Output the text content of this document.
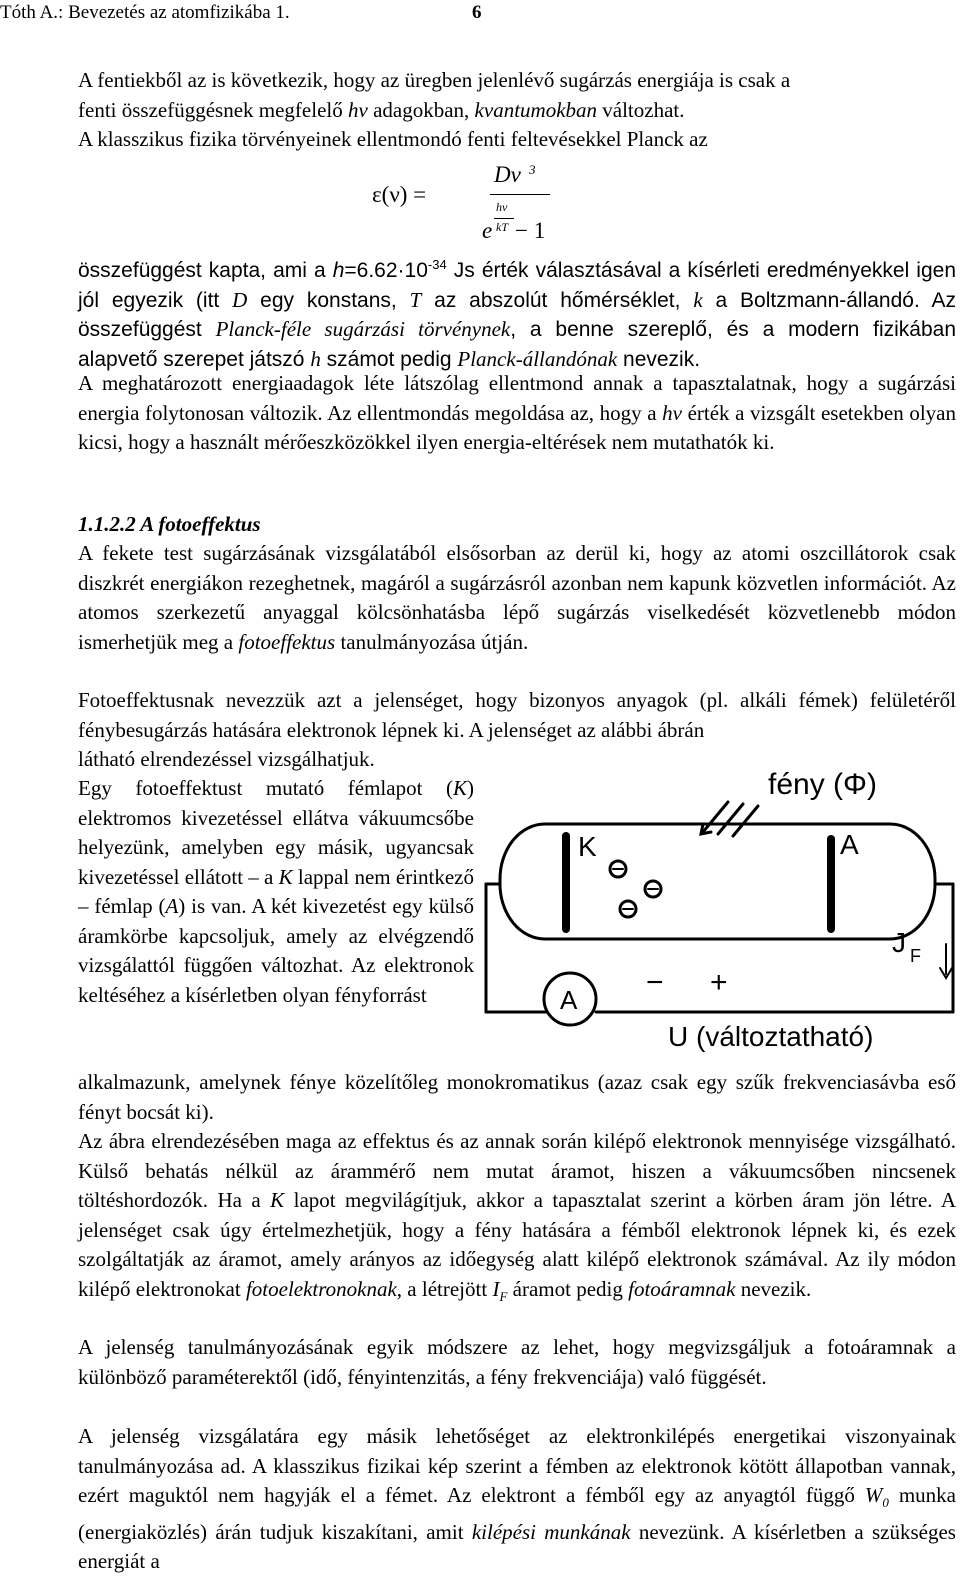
Tóth A.: Bevezetés az atomfizikába 1.	6

A fentiekből az is következik, hogy az üregben jelenlévő sugárzás energiája is csak a
fenti összefüggésnek megfelelő hν adagokban, kvantumokban változhat.
A klasszikus fizika törvényeinek ellentmondó fenti feltevésekkel Planck az

ε(ν) =
Dν 3
hν
e kT − 1

összefüggést kapta, ami a $h=6.62\cdot 10^{-34}$ Js érték választásával a kísérleti eredményekkel igen jól egyezik (itt D egy konstans, T az abszolút hőmérséklet, k a Boltzmann-állandó. Az összefüggést Planck-féle sugárzási törvénynek, a benne szereplő, és a modern fizikában alapvető szerepet játszó h számot pedig Planck-állandónak nevezik.

A meghatározott energiaadagok léte látszólag ellentmond annak a tapasztalatnak, hogy a sugárzási energia folytonosan változik. Az ellentmondás megoldása az, hogy a hν érték a vizsgált esetekben olyan kicsi, hogy a használt mérőeszközökkel ilyen energia-eltérések nem mutathatók ki.

1.1.2.2 A fotoeffektus

A fekete test sugárzásának vizsgálatából elsősorban az derül ki, hogy az atomi oszcillátorok csak diszkrét energiákon rezeghetnek, magáról a sugárzásról azonban nem kapunk közvetlen információt. Az atomos szerkezetű anyaggal kölcsönhatásba lépő sugárzás viselkedését közvetlenebb módon ismerhetjük meg a fotoeffektus tanulmányozása útján.

Fotoeffektusnak nevezzük azt a jelenséget, hogy bizonyos anyagok (pl. alkáli fémek) felületéről fénybesugárzás hatására elektronok lépnek ki. A jelenséget az alábbi ábrán

látható elrendezéssel vizsgálhatjuk.

Egy fotoeffektust mutató fémlapot (K) elektromos kivezetéssel ellátva vákuumcsőbe helyezünk, amelyben egy másik, ugyancsak kivezetéssel ellátott – a K lappal nem érintkező – fémlap (A) is van. A két kivezetést egy külső áramkörbe kapcsoljuk, amely az elvégzendő vizsgálattól függően változhat. Az elektronok keltéséhez a kísérletben olyan fényforrást

alkalmazunk, amelynek fénye közelítőleg monokromatikus (azaz csak egy szűk frekvenciasávba eső fényt bocsát ki).

Az ábra elrendezésében maga az effektus és az annak során kilépő elektronok mennyisége vizsgálható. Külső behatás nélkül az árammérő nem mutat áramot, hiszen a vákuumcsőben nincsenek töltéshordozók. Ha a K lapot megvilágítjuk, akkor a tapasztalat szerint a körben áram jön létre. A jelenséget csak úgy értelmezhetjük, hogy a fény hatására a fémből elektronok lépnek ki, és ezek szolgáltatják az áramot, amely arányos az időegység alatt kilépő elektronok számával. Az ily módon kilépő elektronokat fotoelektronoknak, a létrejött $I_F$ áramot pedig fotoáramnak nevezik.

A jelenség tanulmányozásának egyik módszere az lehet, hogy megvizsgáljuk a fotoáramnak a különböző paraméterektől (idő, fényintenzitás, a fény frekvenciája) való függését.

A jelenség vizsgálatára egy másik lehetőséget az elektronkilépés energetikai viszonyainak tanulmányozása ad. A klasszikus fizikai kép szerint a fémben az elektronok kötött állapotban vannak, ezért maguktól nem hagyják el a fémet. Az elektront a fémből egy az anyagtól függő $W_0$ munka (energiaközlés) árán tudjuk kiszakítani, amit kilépési munkának nevezünk. A kísérletben a szükséges energiát a

fény (Φ)
K	A
J F
A
− +
U (változtatható)
